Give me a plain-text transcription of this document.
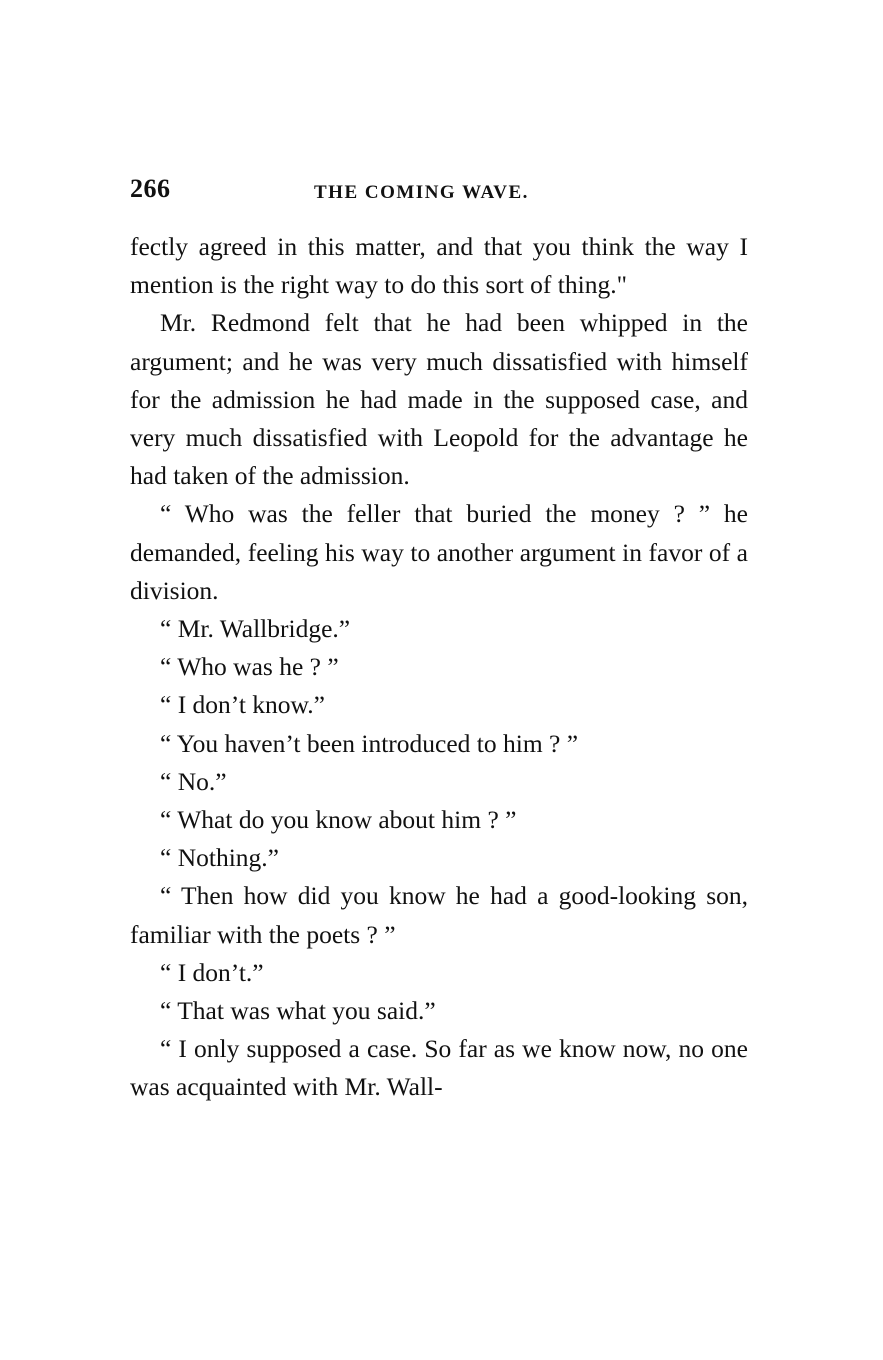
266	THE COMING WAVE.

fectly agreed in this matter, and that you think the way I mention is the right way to do this sort of thing."

Mr. Redmond felt that he had been whipped in the argument; and he was very much dissatisfied with himself for the admission he had made in the supposed case, and very much dissatisfied with Leopold for the advantage he had taken of the admission.

“ Who was the feller that buried the money ? ” he demanded, feeling his way to another argument in favor of a division.

“ Mr. Wallbridge.”

“ Who was he ? ”

“ I don’t know.”

“ You haven’t been introduced to him ? ”

“ No.”

“ What do you know about him ? ”

“ Nothing.”

“ Then how did you know he had a good-looking son, familiar with the poets ? ”

“ I don’t.”

“ That was what you said.”

“ I only supposed a case. So far as we know now, no one was acquainted with Mr. Wall-
